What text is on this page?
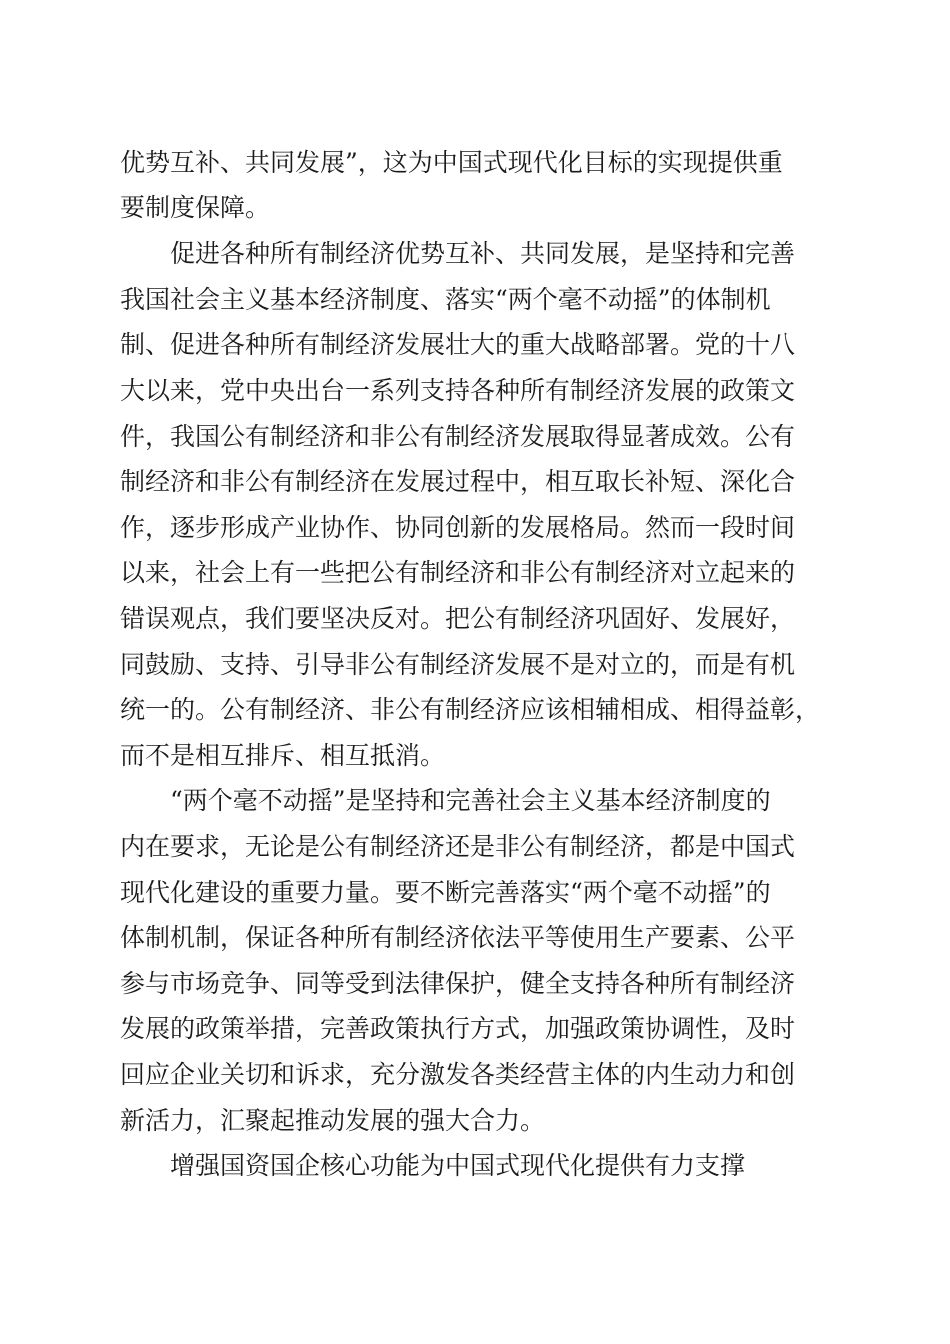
优势互补、共同发展”，这为中国式现代化目标的实现提供重

要制度保障。

促进各种所有制经济优势互补、共同发展，是坚持和完善

我国社会主义基本经济制度、落实“两个毫不动摇”的体制机

制、促进各种所有制经济发展壮大的重大战略部署。党的十八

大以来，党中央出台一系列支持各种所有制经济发展的政策文

件，我国公有制经济和非公有制经济发展取得显著成效。公有

制经济和非公有制经济在发展过程中，相互取长补短、深化合

作，逐步形成产业协作、协同创新的发展格局。然而一段时间

以来，社会上有一些把公有制经济和非公有制经济对立起来的

错误观点，我们要坚决反对。把公有制经济巩固好、发展好，

同鼓励、支持、引导非公有制经济发展不是对立的，而是有机

统一的。公有制经济、非公有制经济应该相辅相成、相得益彰，

而不是相互排斥、相互抵消。

“两个毫不动摇”是坚持和完善社会主义基本经济制度的

内在要求，无论是公有制经济还是非公有制经济，都是中国式

现代化建设的重要力量。要不断完善落实“两个毫不动摇”的

体制机制，保证各种所有制经济依法平等使用生产要素、公平

参与市场竞争、同等受到法律保护，健全支持各种所有制经济

发展的政策举措，完善政策执行方式，加强政策协调性，及时

回应企业关切和诉求，充分激发各类经营主体的内生动力和创

新活力，汇聚起推动发展的强大合力。

增强国资国企核心功能为中国式现代化提供有力支撑
